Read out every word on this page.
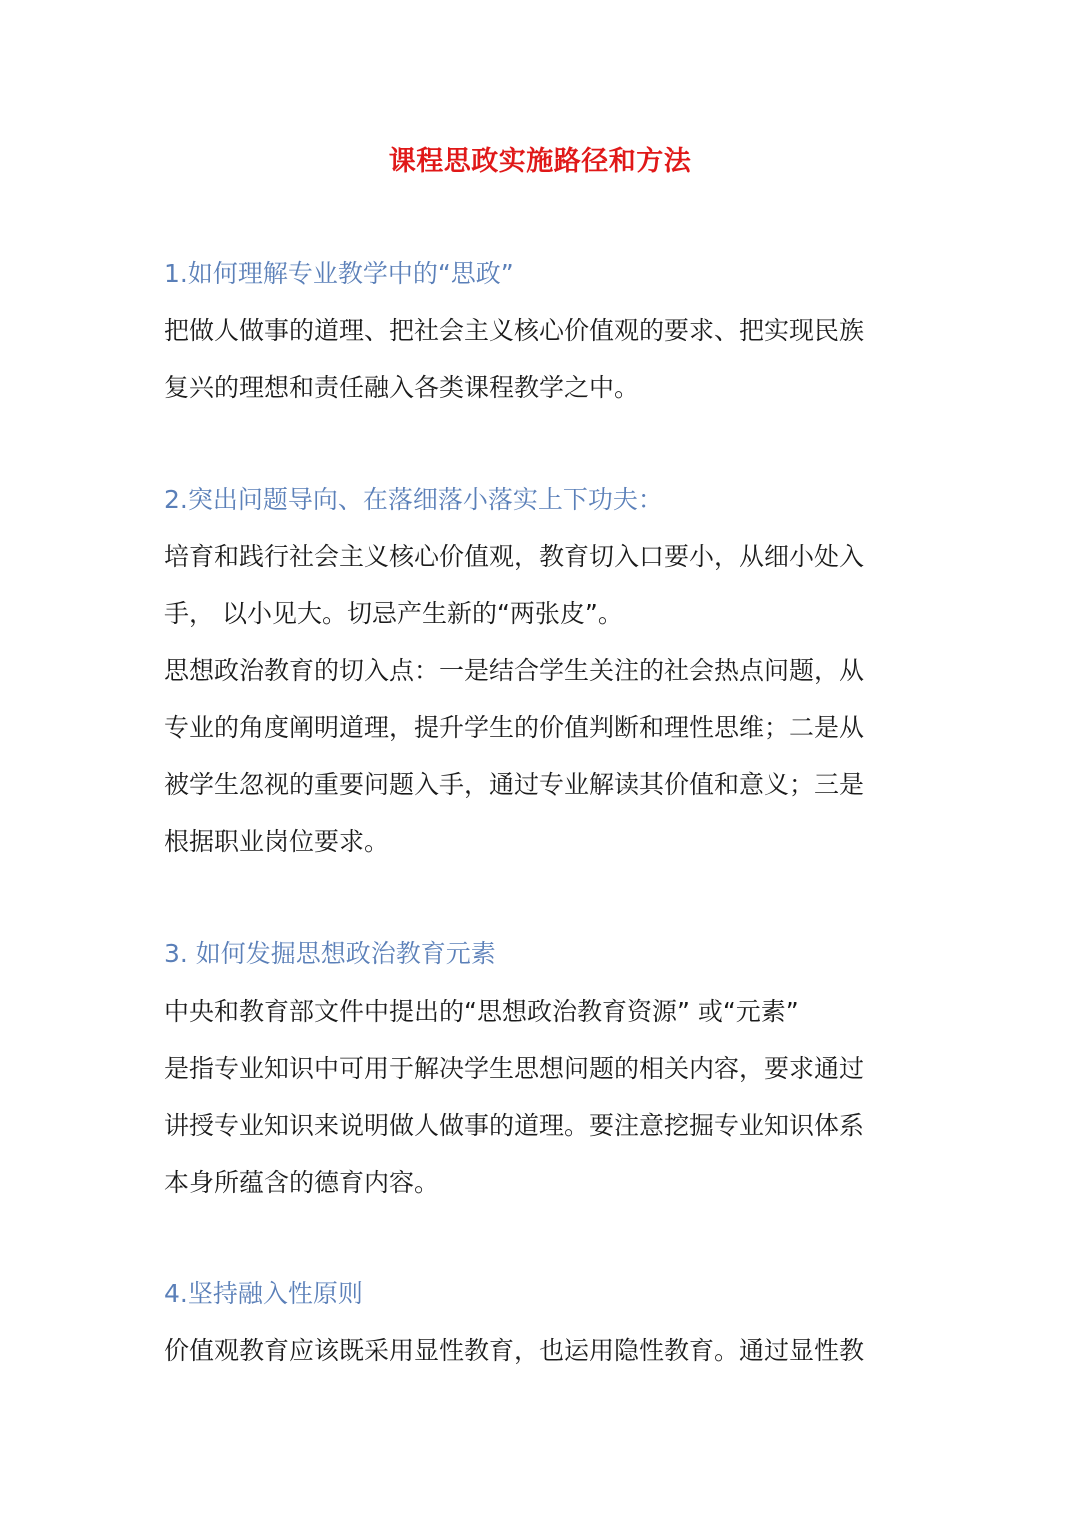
课程思政实施路径和方法
1.如何理解专业教学中的“思政”
把做人做事的道理、把社会主义核心价值观的要求、把实现民族
复兴的理想和责任融入各类课程教学之中。
2.突出问题导向、在落细落小落实上下功夫：
培育和践行社会主义核心价值观，教育切入口要小，从细小处入
手， 以小见大。切忌产生新的“两张皮”。
思想政治教育的切入点：一是结合学生关注的社会热点问题，从
专业的角度阐明道理，提升学生的价值判断和理性思维；二是从
被学生忽视的重要问题入手，通过专业解读其价值和意义；三是
根据职业岗位要求。
3. 如何发掘思想政治教育元素
中央和教育部文件中提出的“思想政治教育资源” 或“元素”
是指专业知识中可用于解决学生思想问题的相关内容，要求通过
讲授专业知识来说明做人做事的道理。要注意挖掘专业知识体系
本身所蕴含的德育内容。
4.坚持融入性原则
价值观教育应该既采用显性教育，也运用隐性教育。通过显性教
